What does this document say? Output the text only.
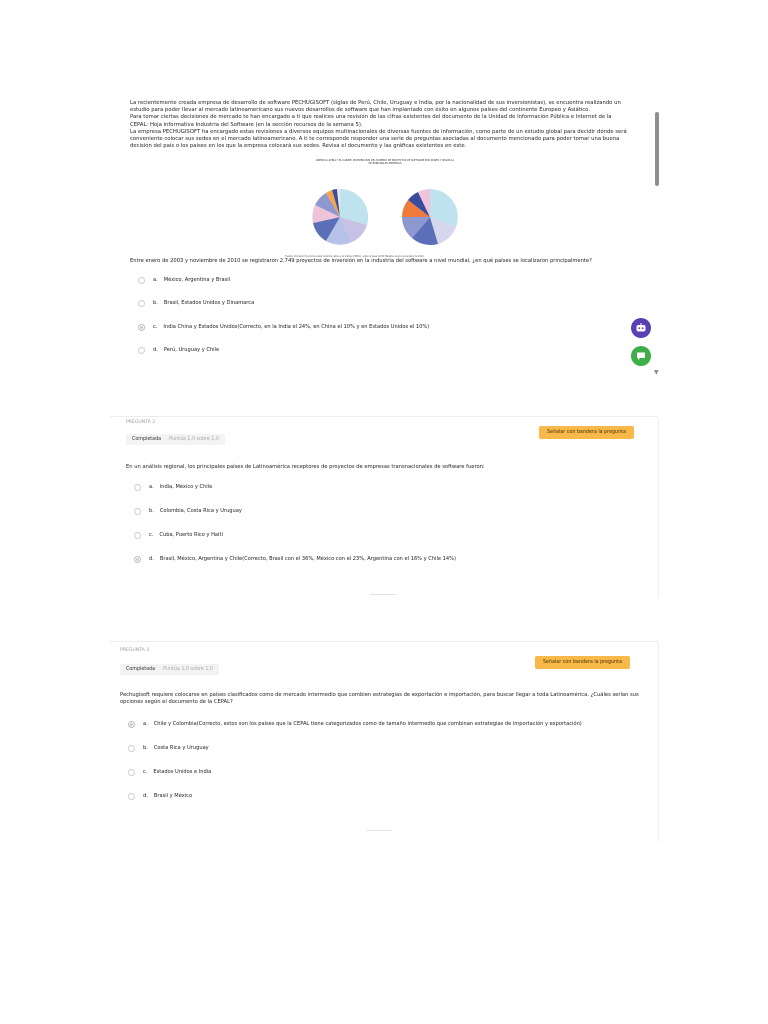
La recientemente creada empresa de desarrollo de software PECHUGISOFT (siglas de Perú, Chile, Uruguay e India, por la nacionalidad de sus inversionistas), se encuentra realizando un estudio para poder llevar al mercado latinoamericano sus nuevos desarrollos de software que han implantado con éxito en algunos países del continente Europeo y Asiático.

Para tomar ciertas decisiones de mercado te han encargado a ti que realices una revisión de las cifras existentes del documento de la Unidad de Información Pública e Internet de la CEPAL: Hoja informativa Industria del Software (en la sección recursos de la semana 5).

La empresa PECHUGISOFT ha encargado estas revisiones a diversos equipos multinacionales de diversas fuentes de información, como parte de un estudio global para decidir dónde será conveniente colocar sus sedes en el mercado latinoamericano. A ti te corresponde responder una serie de preguntas asociadas al documento mencionado para poder tomar una buena decisión del país o los países en los que la empresa colocará sus sedes. Revisa el documento y las gráficas existentes en este.

AMÉRICA LATINA Y EL CARIBE: DISTRIBUCIÓN DEL NÚMERO DE PROYECTOS DE SOFTWARE POR PAÍSES Y SEGÚN LA DE PRINCIPALES EMPRESAS
Fuente: Comisión Económica para América Latina y el Caribe (CEPAL), sobre la base de fDi Markets, enero-noviembre de 2010.
Entre enero de 2003 y noviembre de 2010 se registraron 2,749 proyectos de inversión en la industria del software a nivel mundial, ¿en qué países se localizaron principalmente?
a. México, Argentina y Brasil
b. Brasil, Estados Unidos y Dinamarca
c. India China y Estados Unidos(Correcto, en la India el 24%, en China el 10% y en Estados Unidos el 10%)
d. Perú, Uruguay y Chile
▼
PREGUNTA 2
Completada Puntúa 1,0 sobre 1,0
Señalar con bandera la pregunta
En un análisis regional, los principales países de Latinoamérica receptores de proyectos de empresas transnacionales de software fueron:
a. India, México y Chile
b. Colombia, Costa Rica y Uruguay
c. Cuba, Puerto Rico y Haití
d. Brasil, México, Argentina y Chile(Correcto, Brasil con el 36%, México con el 23%, Argentina con el 16% y Chile 14%)
PREGUNTA 3
Completada Puntúa 1,0 sobre 1,0
Señalar con bandera la pregunta
Pechugisoft requiere colocarse en países clasificados como de mercado intermedio que combien estrategias de exportación e importación, para buscar llegar a toda Latinoamérica. ¿Cuáles serían sus opciones según el documento de la CEPAL?
a. Chile y Colombia(Correcto, estos son los países que la CEPAL tiene categorizados como de tamaño intermedio que combinan estrategias de importación y exportación)
b. Costa Rica y Uruguay
c. Estados Unidos e India
d. Brasil y México
